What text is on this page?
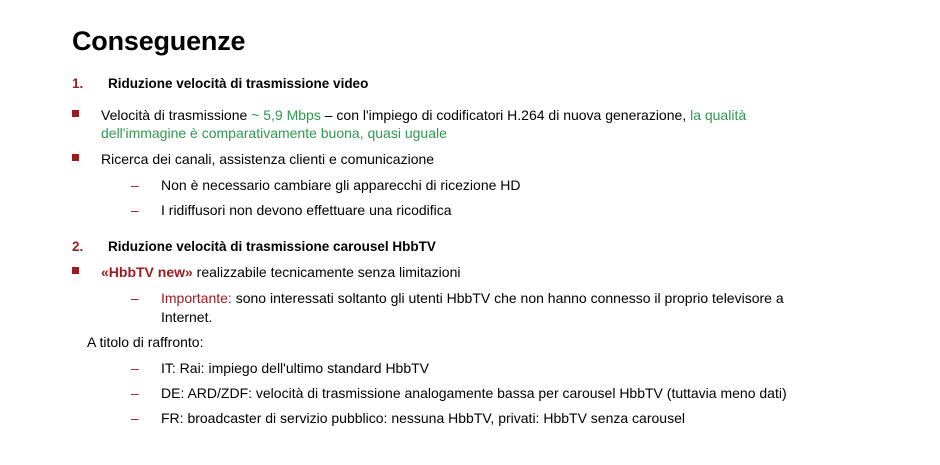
Conseguenze
1. Riduzione velocità di trasmissione video
Velocità di trasmissione ~ 5,9 Mbps – con l'impiego di codificatori H.264 di nuova generazione, la qualità dell'immagine è comparativamente buona, quasi uguale
Ricerca dei canali, assistenza clienti e comunicazione
– Non è necessario cambiare gli apparecchi di ricezione HD
– I ridiffusori non devono effettuare una ricodifica
2. Riduzione velocità di trasmissione carousel HbbTV
«HbbTV new» realizzabile tecnicamente senza limitazioni
– Importante: sono interessati soltanto gli utenti HbbTV che non hanno connesso il proprio televisore a Internet.
A titolo di raffronto:
– IT: Rai: impiego dell'ultimo standard HbbTV
– DE: ARD/ZDF: velocità di trasmissione analogamente bassa per carousel HbbTV (tuttavia meno dati)
– FR: broadcaster di servizio pubblico: nessuna HbbTV, privati: HbbTV senza carousel
